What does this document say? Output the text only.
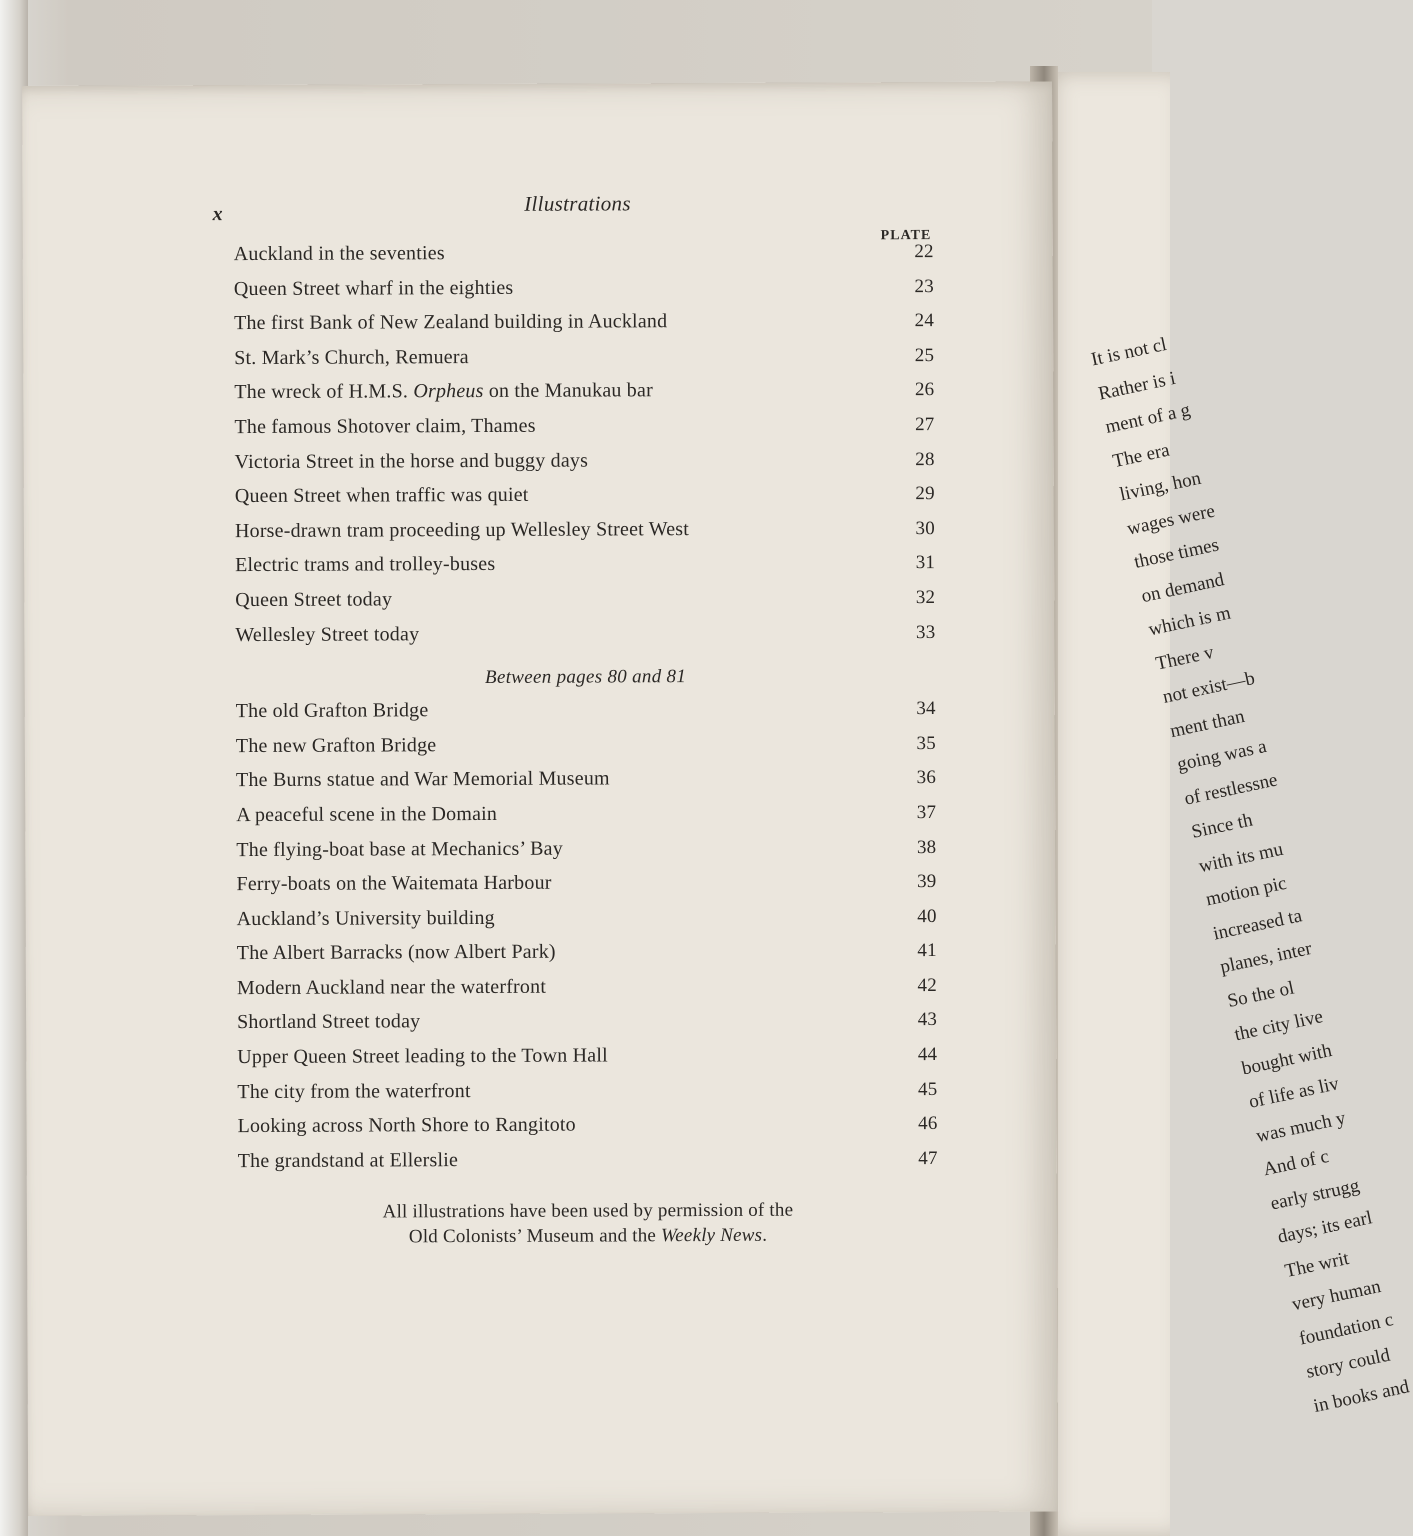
It is not cl
Rather is i
ment of a g
The era
living, hon
wages were
those times
on demand
which is m
There v
not exist—b
ment than
going was a
of restlessne
Since th
with its mu
motion pic
increased ta
planes, inter
So the ol
the city live
bought with
of life as liv
was much y
And of c
early strugg
days; its earl
The writ
very human
foundation c
story could
in books and
x	Illustrations
PLATE
Auckland in the seventies	22
Queen Street wharf in the eighties	23
The first Bank of New Zealand building in Auckland	24
St. Mark’s Church, Remuera	25
The wreck of H.M.S. Orpheus on the Manukau bar	26
The famous Shotover claim, Thames	27
Victoria Street in the horse and buggy days	28
Queen Street when traffic was quiet	29
Horse-drawn tram proceeding up Wellesley Street West	30
Electric trams and trolley-buses	31
Queen Street today	32
Wellesley Street today	33
Between pages 80 and 81
The old Grafton Bridge	34
The new Grafton Bridge	35
The Burns statue and War Memorial Museum	36
A peaceful scene in the Domain	37
The flying-boat base at Mechanics’ Bay	38
Ferry-boats on the Waitemata Harbour	39
Auckland’s University building	40
The Albert Barracks (now Albert Park)	41
Modern Auckland near the waterfront	42
Shortland Street today	43
Upper Queen Street leading to the Town Hall	44
The city from the waterfront	45
Looking across North Shore to Rangitoto	46
The grandstand at Ellerslie	47
All illustrations have been used by permission of the
Old Colonists’ Museum and the Weekly News.
